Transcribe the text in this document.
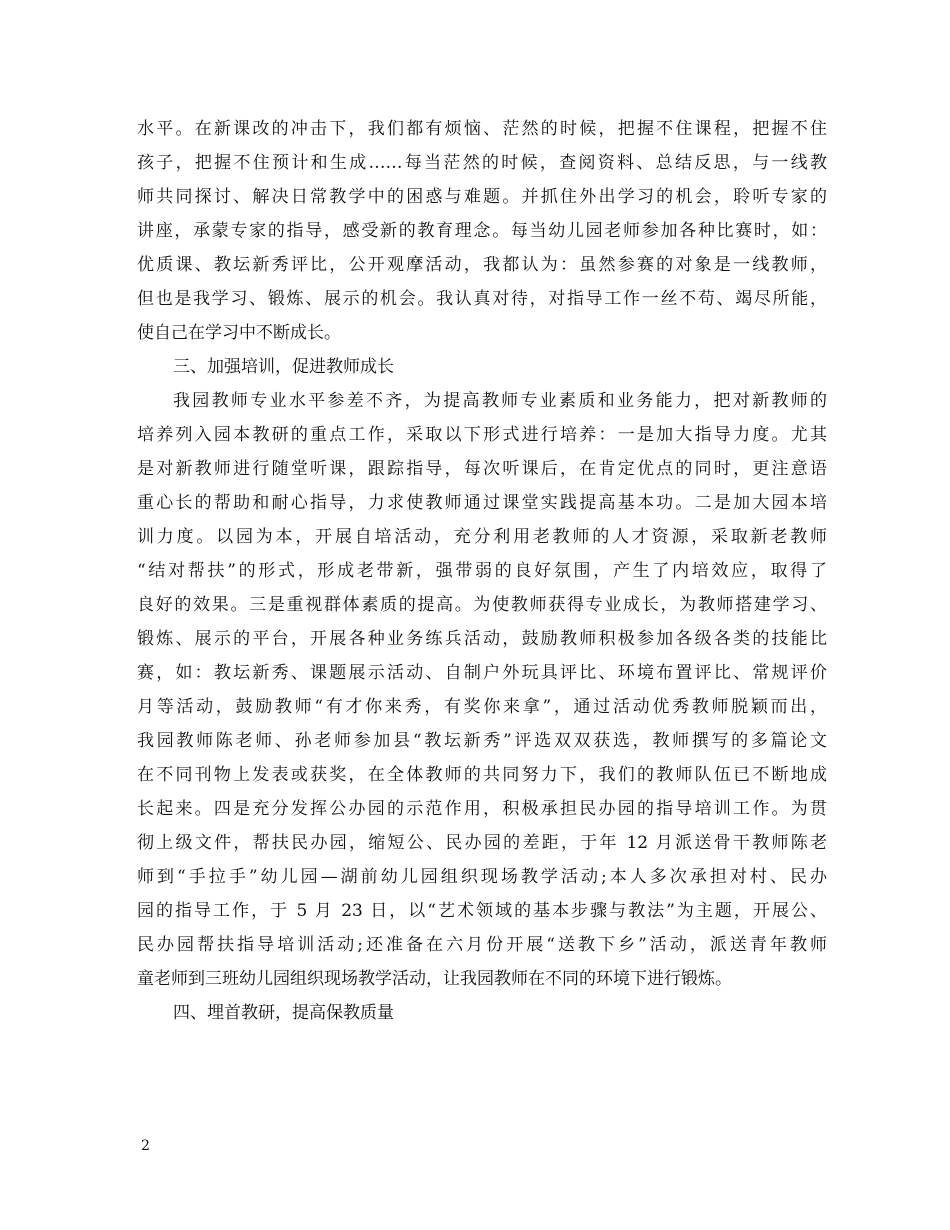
水平。在新课改的冲击下，我们都有烦恼、茫然的时候，把握不住课程，把握不住
孩子，把握不住预计和生成……每当茫然的时候，查阅资料、总结反思，与一线教
师共同探讨、解决日常教学中的困惑与难题。并抓住外出学习的机会，聆听专家的
讲座，承蒙专家的指导，感受新的教育理念。每当幼儿园老师参加各种比赛时，如：
优质课、教坛新秀评比，公开观摩活动，我都认为：虽然参赛的对象是一线教师，
但也是我学习、锻炼、展示的机会。我认真对待，对指导工作一丝不苟、竭尽所能，
使自己在学习中不断成长。
三、加强培训，促进教师成长
我园教师专业水平参差不齐，为提高教师专业素质和业务能力，把对新教师的
培养列入园本教研的重点工作，采取以下形式进行培养：一是加大指导力度。尤其
是对新教师进行随堂听课，跟踪指导，每次听课后，在肯定优点的同时，更注意语
重心长的帮助和耐心指导，力求使教师通过课堂实践提高基本功。二是加大园本培
训力度。以园为本，开展自培活动，充分利用老教师的人才资源，采取新老教师
“结对帮扶”的形式，形成老带新，强带弱的良好氛围，产生了内培效应，取得了
良好的效果。三是重视群体素质的提高。为使教师获得专业成长，为教师搭建学习、
锻炼、展示的平台，开展各种业务练兵活动，鼓励教师积极参加各级各类的技能比
赛，如：教坛新秀、课题展示活动、自制户外玩具评比、环境布置评比、常规评价
月等活动，鼓励教师“有才你来秀，有奖你来拿”，通过活动优秀教师脱颖而出，
我园教师陈老师、孙老师参加县“教坛新秀”评选双双获选，教师撰写的多篇论文
在不同刊物上发表或获奖，在全体教师的共同努力下，我们的教师队伍已不断地成
长起来。四是充分发挥公办园的示范作用，积极承担民办园的指导培训工作。为贯
彻上级文件，帮扶民办园，缩短公、民办园的差距，于年 12 月派送骨干教师陈老
师到“手拉手”幼儿园—湖前幼儿园组织现场教学活动;本人多次承担对村、民办
园的指导工作，于 5 月 23 日，以“艺术领域的基本步骤与教法”为主题，开展公、
民办园帮扶指导培训活动;还准备在六月份开展“送教下乡”活动，派送青年教师
童老师到三班幼儿园组织现场教学活动，让我园教师在不同的环境下进行锻炼。
四、埋首教研，提高保教质量
2
